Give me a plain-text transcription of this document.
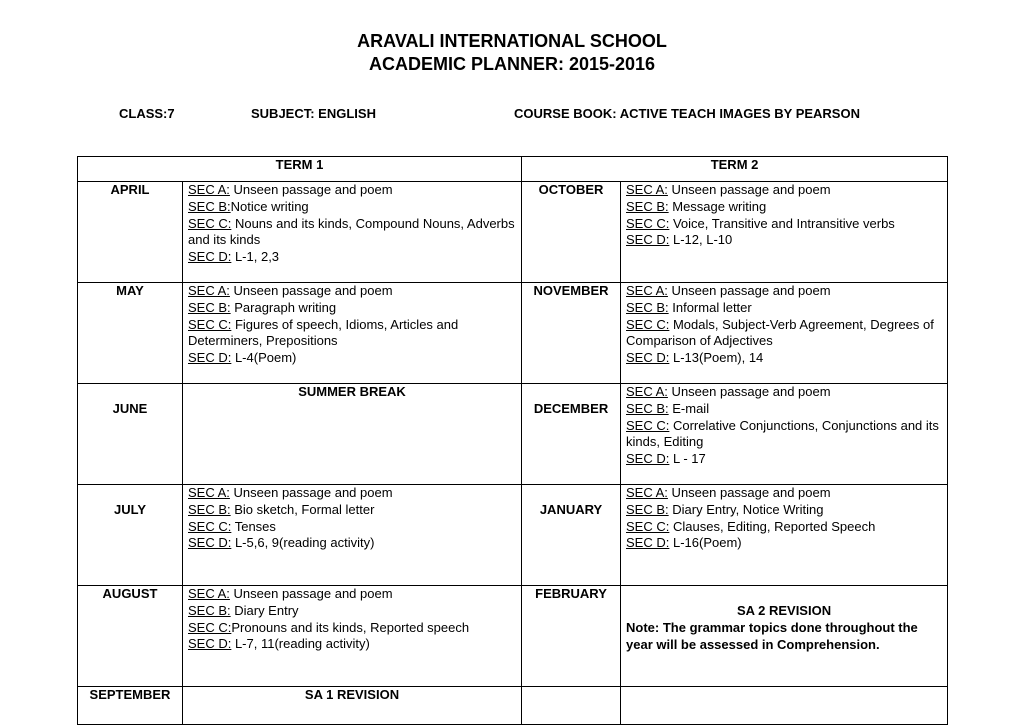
ARAVALI INTERNATIONAL SCHOOL
ACADEMIC PLANNER: 2015-2016
CLASS:7	SUBJECT: ENGLISH	COURSE BOOK: ACTIVE TEACH IMAGES BY PEARSON
TERM 1		TERM 2	
APRIL	SEC A: Unseen passage and poem
SEC B:Notice writing
SEC C: Nouns and its kinds, Compound Nouns, Adverbs and its kinds
SEC D: L-1, 2,3	OCTOBER	SEC A: Unseen passage and poem
SEC B: Message writing
SEC C: Voice, Transitive and Intransitive verbs
SEC D: L-12, L-10

MAY	SEC A: Unseen passage and poem
SEC B: Paragraph writing
SEC C: Figures of speech, Idioms, Articles and Determiners, Prepositions
SEC D: L-4(Poem)	NOVEMBER	SEC A: Unseen passage and poem
SEC B: Informal letter
SEC C: Modals, Subject-Verb Agreement, Degrees of Comparison of Adjectives
SEC D: L-13(Poem), 14

JUNE	SUMMER BREAK	DECEMBER	SEC A: Unseen passage and poem
SEC B: E-mail
SEC C: Correlative Conjunctions, Conjunctions and its kinds, Editing
SEC D: L - 17

JULY	SEC A: Unseen passage and poem
SEC B: Bio sketch, Formal letter
SEC C: Tenses
SEC D: L-5,6, 9(reading activity)	JANUARY	SEC A: Unseen passage and poem
SEC B: Diary Entry, Notice Writing
SEC C: Clauses, Editing, Reported Speech
SEC D: L-16(Poem)

AUGUST	SEC A: Unseen passage and poem
SEC B: Diary Entry
SEC C:Pronouns and its kinds, Reported speech
SEC D: L-7, 11(reading activity)	FEBRUARY	SA 2 REVISION
Note: The grammar topics done throughout the year will be assessed in Comprehension.

SEPTEMBER	SA 1 REVISION		
